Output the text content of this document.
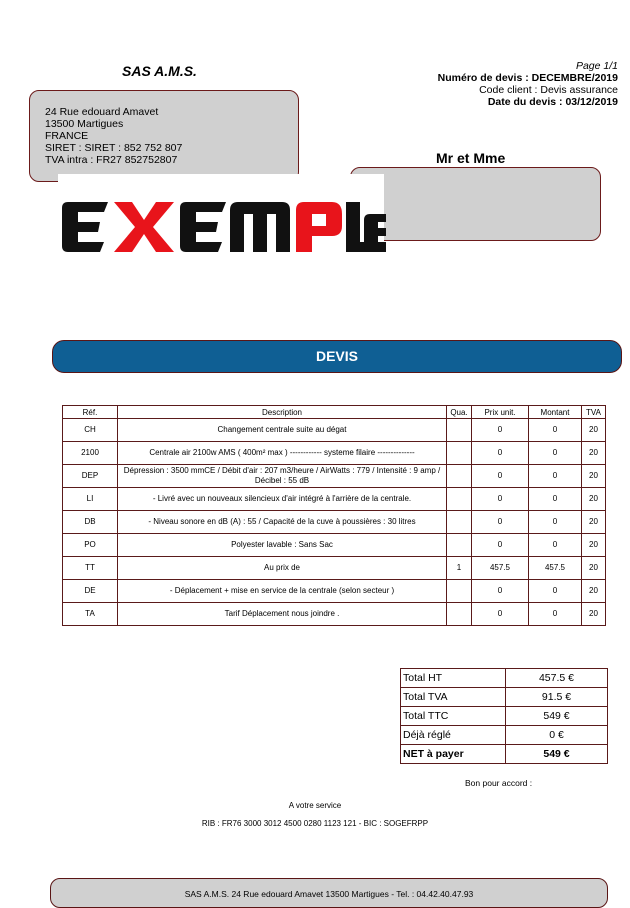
SAS A.M.S.	Page 1/1
Numéro de devis : DECEMBRE/2019
Code client : Devis assurance
Date du devis : 03/12/2019
24 Rue edouard Amavet
13500 Martigues
FRANCE
SIRET : SIRET : 852 752 807
TVA intra : FR27 852752807	Mr et Mme
DEVIS
Réf.	Description	Qua.	Prix unit.	Montant	TVA
CH	Changement centrale suite au dégat		0	0	20
2100	Centrale air 2100w AMS ( 400m² max ) ------------ systeme filaire --------------		0	0	20
DEP	Dépression : 3500 mmCE / Débit d'air : 207 m3/heure / AirWatts : 779 / Intensité : 9 amp / Décibel : 55 dB		0	0	20
LI	- Livré avec un nouveaux silencieux d'air intégré à l'arrière de la centrale.		0	0	20
DB	- Niveau sonore en dB (A) : 55 / Capacité de la cuve à poussières : 30 litres		0	0	20
PO	Polyester lavable : Sans Sac		0	0	20
TT	Au prix de	1	457.5	457.5	20
DE	- Déplacement + mise en service de la centrale (selon secteur )		0	0	20
TA	Tarif Déplacement nous joindre .		0	0	20
Total HT	457.5 €
Total TVA	91.5 €
Total TTC	549 €
Déjà réglé	0 €
NET à payer	549 €
Bon pour accord :
A votre service
RIB : FR76 3000 3012 4500 0280 1123 121 - BIC : SOGEFRPP
SAS A.M.S. 24 Rue edouard Amavet 13500 Martigues - Tel. : 04.42.40.47.93
